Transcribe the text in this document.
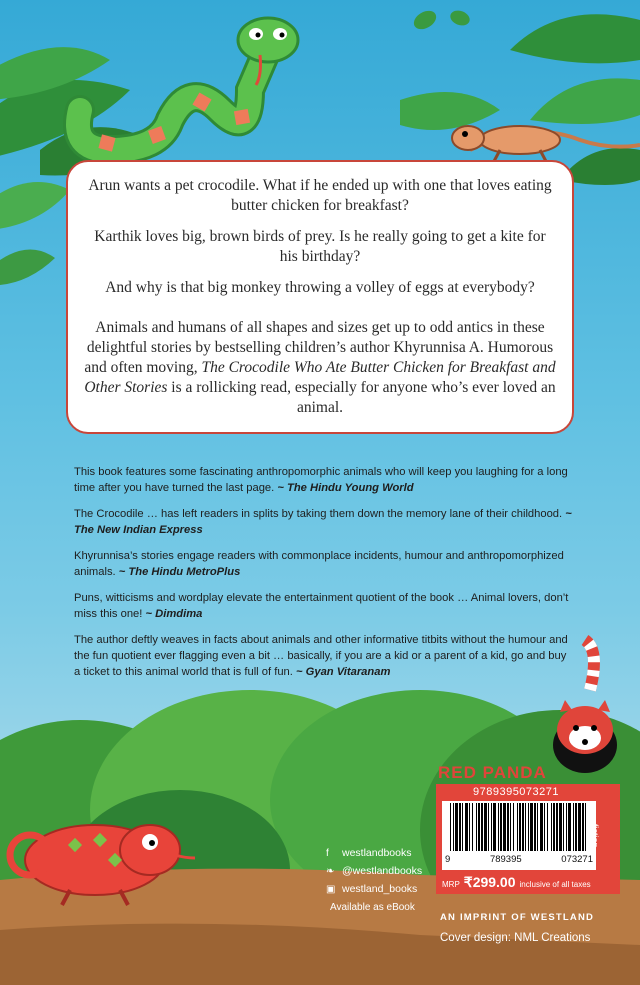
Arun wants a pet crocodile. What if he ended up with one that loves eating butter chicken for breakfast?

Karthik loves big, brown birds of prey. Is he really going to get a kite for his birthday?

And why is that big monkey throwing a volley of eggs at everybody?

Animals and humans of all shapes and sizes get up to odd antics in these delightful stories by bestselling children’s author Khyrunnisa A. Humorous and often moving, The Crocodile Who Ate Butter Chicken for Breakfast and Other Stories is a rollicking read, especially for anyone who’s ever loved an animal.

This book features some fascinating anthropomorphic animals who will keep you laughing for a long time after you have turned the last page. ~ The Hindu Young World

The Crocodile … has left readers in splits by taking them down the memory lane of their childhood. ~ The New Indian Express

Khyrunnisa’s stories engage readers with commonplace incidents, humour and anthropomorphized animals. ~ The Hindu MetroPlus

Puns, witticisms and wordplay elevate the entertainment quotient of the book … Animal lovers, don’t miss this one! ~ Dimdima

The author deftly weaves in facts about animals and other informative titbits without the humour and the fun quotient ever flagging even a bit … basically, if you are a kid or a parent of a kid, go and buy a ticket to this animal world that is full of fun. ~ Gyan Vitaranam

f	westlandbooks
❧ @westlandbooks
▣ westland_books
Available as eBook
RED PANDA
9789395073271
9	789395	073271
fiction
MRP ₹299.00 inclusive of all taxes
AN IMPRINT OF WESTLAND
Cover design: NML Creations
